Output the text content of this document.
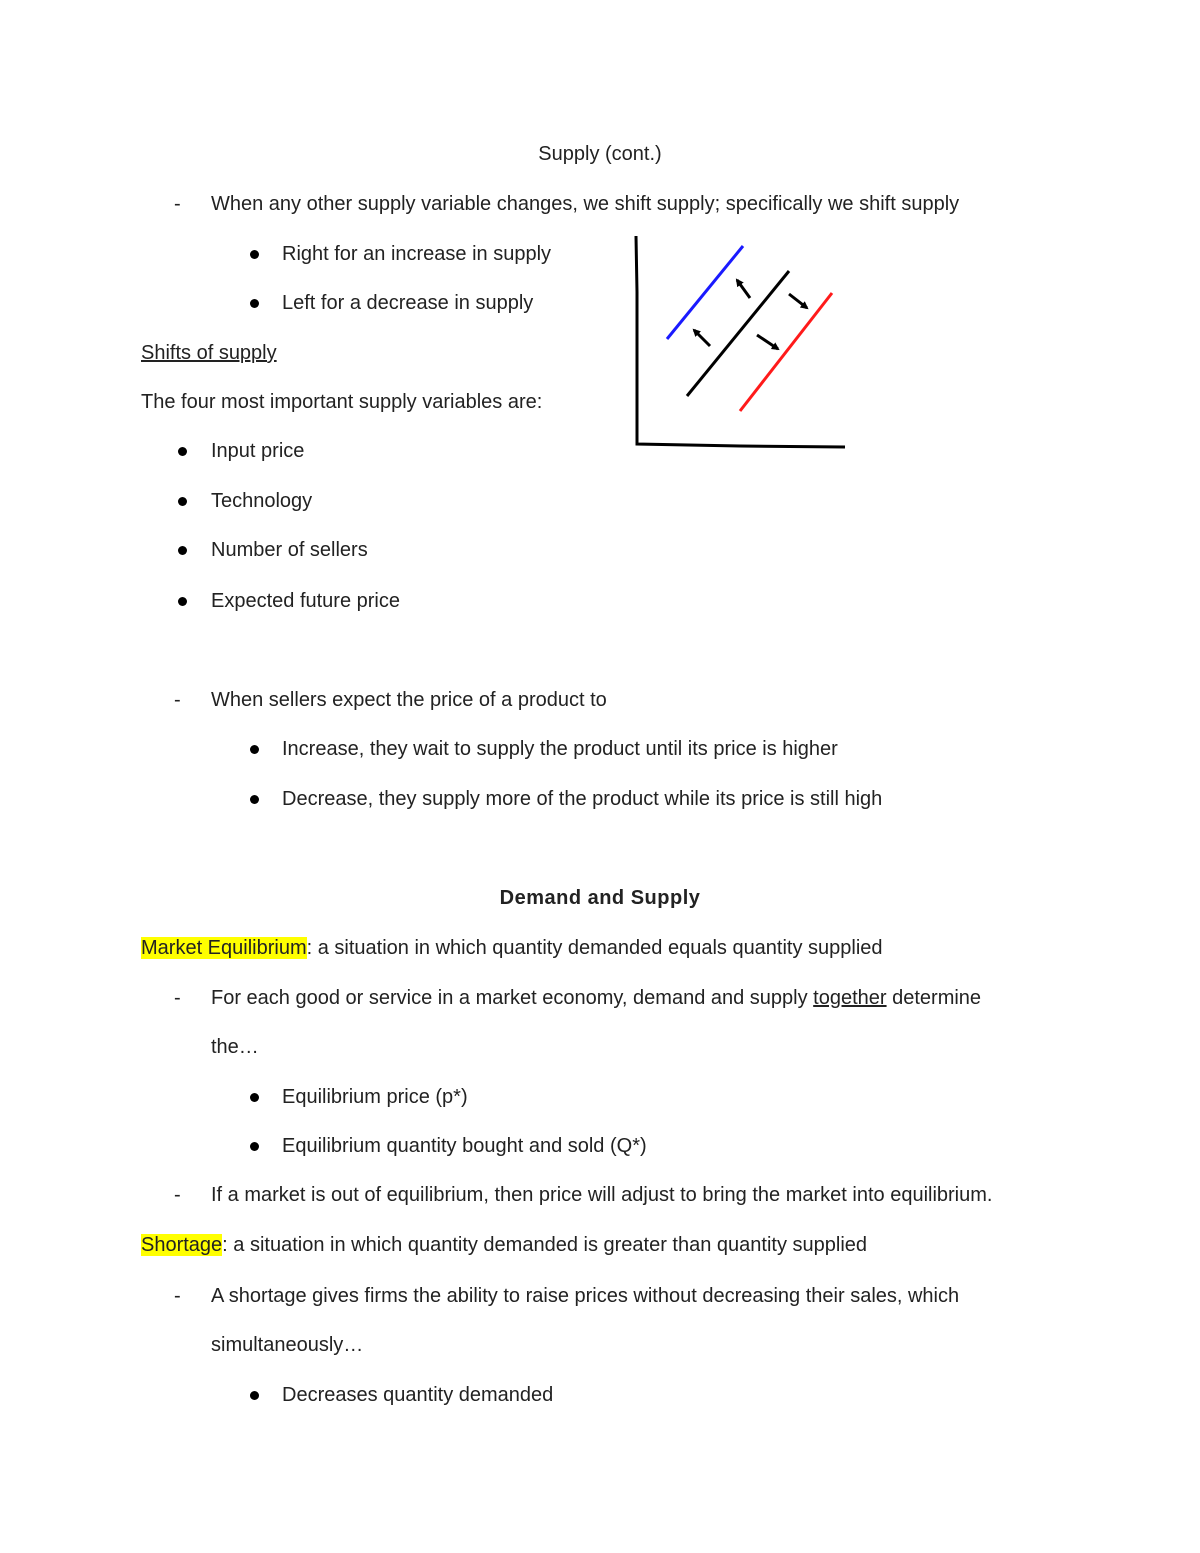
Supply (cont.)
- When any other supply variable changes, we shift supply; specifically we shift supply
Right for an increase in supply
Left for a decrease in supply
Shifts of supply
The four most important supply variables are:
Input price
Technology
Number of sellers
Expected future price
- When sellers expect the price of a product to
Increase, they wait to supply the product until its price is higher
Decrease, they supply more of the product while its price is still high
Demand and Supply
Market Equilibrium: a situation in which quantity demanded equals quantity supplied
- For each good or service in a market economy, demand and supply together determine
the…
Equilibrium price (p*)
Equilibrium quantity bought and sold (Q*)
- If a market is out of equilibrium, then price will adjust to bring the market into equilibrium.
Shortage: a situation in which quantity demanded is greater than quantity supplied
- A shortage gives firms the ability to raise prices without decreasing their sales, which
simultaneously…
Decreases quantity demanded
